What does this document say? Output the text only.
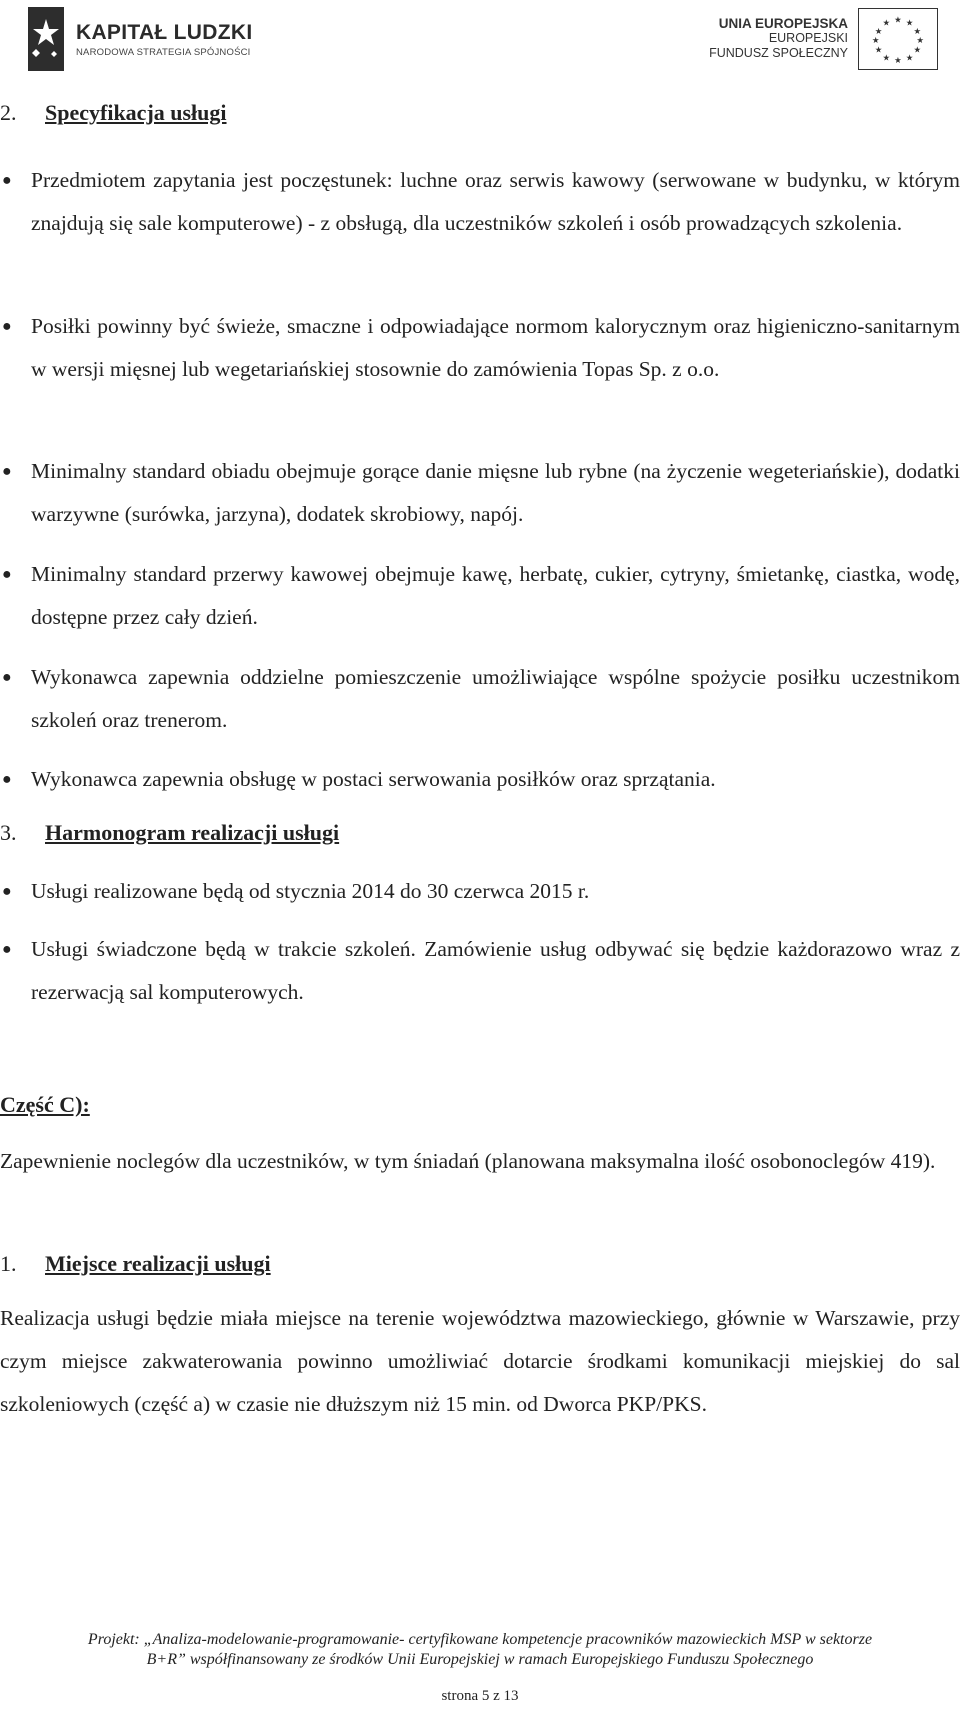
KAPITAŁ LUDZKI
NARODOWA STRATEGIA SPÓJNOŚCI
UNIA EUROPEJSKA
EUROPEJSKI
FUNDUSZ SPOŁECZNY
★ ★
★
★
★
★
★
★
★
★
★
★
2. Specyfikacja usługi
● Przedmiotem zapytania jest poczęstunek: luchne oraz serwis kawowy (serwowane w budynku, w którym znajdują się sale komputerowe) - z obsługą, dla uczestników szkoleń i osób prowadzących szkolenia.
● Posiłki powinny być świeże, smaczne i odpowiadające normom kalorycznym oraz higieniczno-sanitarnym w wersji mięsnej lub wegetariańskiej stosownie do zamówienia Topas Sp. z o.o.
● Minimalny standard obiadu obejmuje gorące danie mięsne lub rybne (na życzenie wegeteriańskie), dodatki warzywne (surówka, jarzyna), dodatek skrobiowy, napój.
● Minimalny standard przerwy kawowej obejmuje kawę, herbatę, cukier, cytryny, śmietankę, ciastka, wodę, dostępne przez cały dzień.
● Wykonawca zapewnia oddzielne pomieszczenie umożliwiające wspólne spożycie posiłku uczestnikom szkoleń oraz trenerom.
● Wykonawca zapewnia obsługę w postaci serwowania posiłków oraz sprzątania.
3. Harmonogram realizacji usługi
● Usługi realizowane będą od stycznia 2014 do 30 czerwca 2015 r.
● Usługi świadczone będą w trakcie szkoleń. Zamówienie usług odbywać się będzie każdorazowo wraz z rezerwacją sal komputerowych.
Część C):
Zapewnienie noclegów dla uczestników, w tym śniadań (planowana maksymalna ilość osobonoclegów 419).
1. Miejsce realizacji usługi
Realizacja usługi będzie miała miejsce na terenie województwa mazowieckiego, głównie w Warszawie, przy czym miejsce zakwaterowania powinno umożliwiać dotarcie środkami komunikacji miejskiej do sal szkoleniowych (część a) w czasie nie dłuższym niż 15 min. od Dworca PKP/PKS.
Projekt: „Analiza-modelowanie-programowanie- certyfikowane kompetencje pracowników mazowieckich MSP w sektorze
B+R” współfinansowany ze środków Unii Europejskiej w ramach Europejskiego Funduszu Społecznego
strona 5 z 13
